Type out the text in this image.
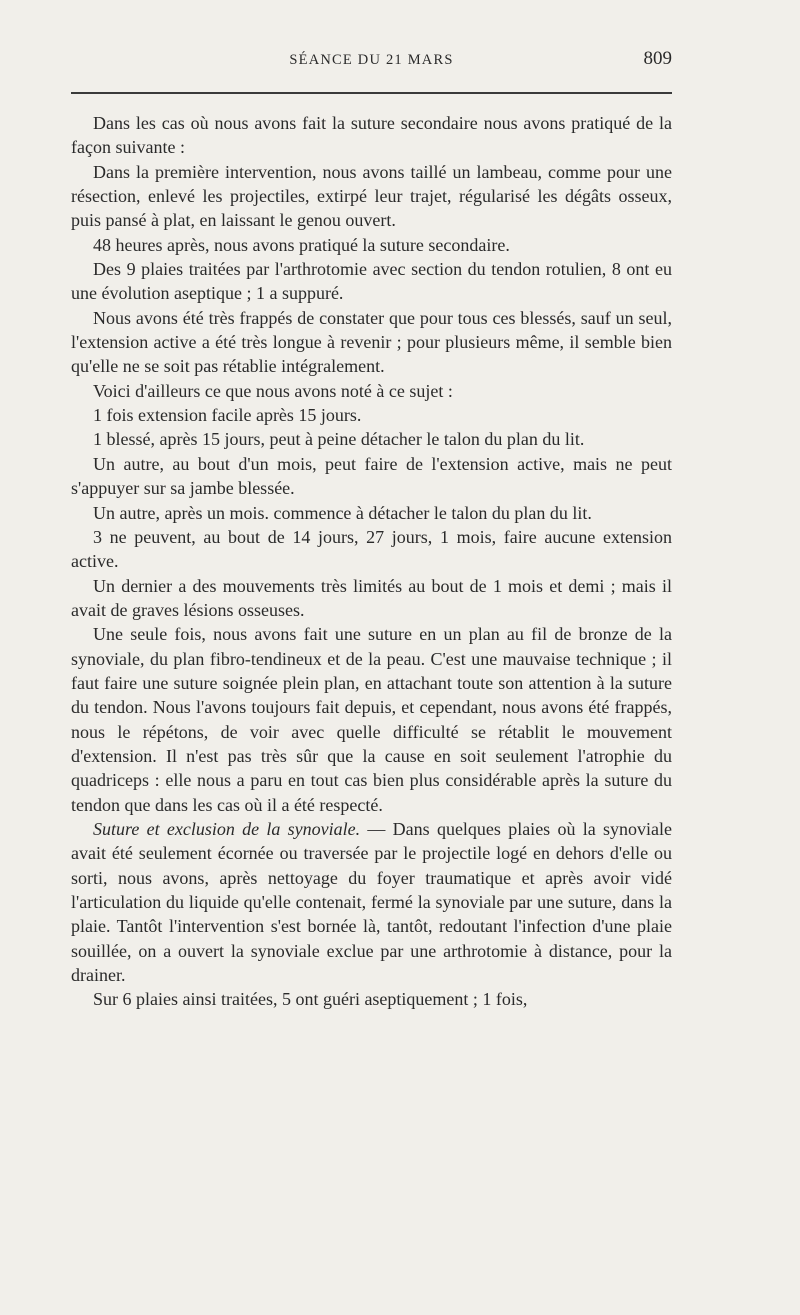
SÉANCE DU 21 MARS	809

Dans les cas où nous avons fait la suture secondaire nous avons pratiqué de la façon suivante :

Dans la première intervention, nous avons taillé un lambeau, comme pour une résection, enlevé les projectiles, extirpé leur trajet, régularisé les dégâts osseux, puis pansé à plat, en laissant le genou ouvert.

48 heures après, nous avons pratiqué la suture secondaire.

Des 9 plaies traitées par l'arthrotomie avec section du tendon rotulien, 8 ont eu une évolution aseptique ; 1 a suppuré.

Nous avons été très frappés de constater que pour tous ces blessés, sauf un seul, l'extension active a été très longue à revenir ; pour plusieurs même, il semble bien qu'elle ne se soit pas rétablie intégralement.

Voici d'ailleurs ce que nous avons noté à ce sujet :

1 fois extension facile après 15 jours.

1 blessé, après 15 jours, peut à peine détacher le talon du plan du lit.

Un autre, au bout d'un mois, peut faire de l'extension active, mais ne peut s'appuyer sur sa jambe blessée.

Un autre, après un mois. commence à détacher le talon du plan du lit.

3 ne peuvent, au bout de 14 jours, 27 jours, 1 mois, faire aucune extension active.

Un dernier a des mouvements très limités au bout de 1 mois et demi ; mais il avait de graves lésions osseuses.

Une seule fois, nous avons fait une suture en un plan au fil de bronze de la synoviale, du plan fibro-tendineux et de la peau. C'est une mauvaise technique ; il faut faire une suture soignée plein plan, en attachant toute son attention à la suture du tendon. Nous l'avons toujours fait depuis, et cependant, nous avons été frappés, nous le répétons, de voir avec quelle difficulté se rétablit le mouvement d'extension. Il n'est pas très sûr que la cause en soit seulement l'atrophie du quadriceps : elle nous a paru en tout cas bien plus considérable après la suture du tendon que dans les cas où il a été respecté.

Suture et exclusion de la synoviale. — Dans quelques plaies où la synoviale avait été seulement écornée ou traversée par le projectile logé en dehors d'elle ou sorti, nous avons, après nettoyage du foyer traumatique et après avoir vidé l'articulation du liquide qu'elle contenait, fermé la synoviale par une suture, dans la plaie. Tantôt l'intervention s'est bornée là, tantôt, redoutant l'infection d'une plaie souillée, on a ouvert la synoviale exclue par une arthrotomie à distance, pour la drainer.

Sur 6 plaies ainsi traitées, 5 ont guéri aseptiquement ; 1 fois,
